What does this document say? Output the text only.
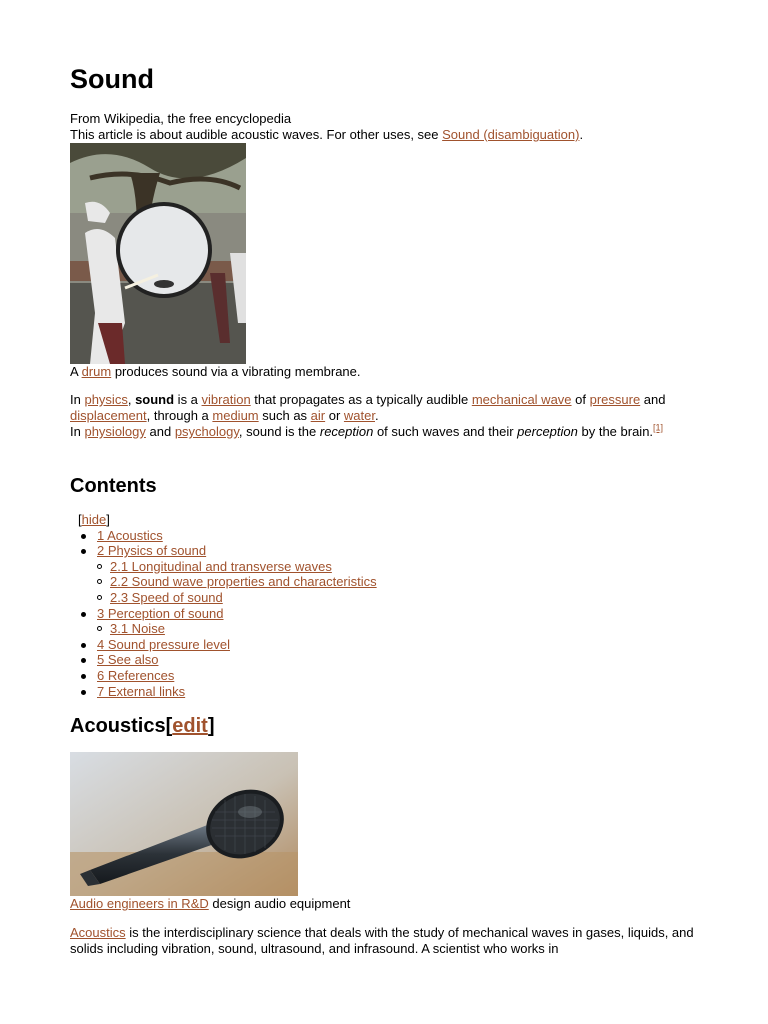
Sound
From Wikipedia, the free encyclopedia
This article is about audible acoustic waves. For other uses, see Sound (disambiguation).
A drum produces sound via a vibrating membrane.
In physics, sound is a vibration that propagates as a typically audible mechanical wave of pressure and displacement, through a medium such as air or water.
In physiology and psychology, sound is the reception of such waves and their perception by the brain.[1]
Contents
[hide]
1 Acoustics
2 Physics of sound
2.1 Longitudinal and transverse waves
2.2 Sound wave properties and characteristics
2.3 Speed of sound
3 Perception of sound
3.1 Noise
4 Sound pressure level
5 See also
6 References
7 External links
Acoustics[edit]
Audio engineers in R&D design audio equipment
Acoustics is the interdisciplinary science that deals with the study of mechanical waves in gases, liquids, and solids including vibration, sound, ultrasound, and infrasound. A scientist who works in
